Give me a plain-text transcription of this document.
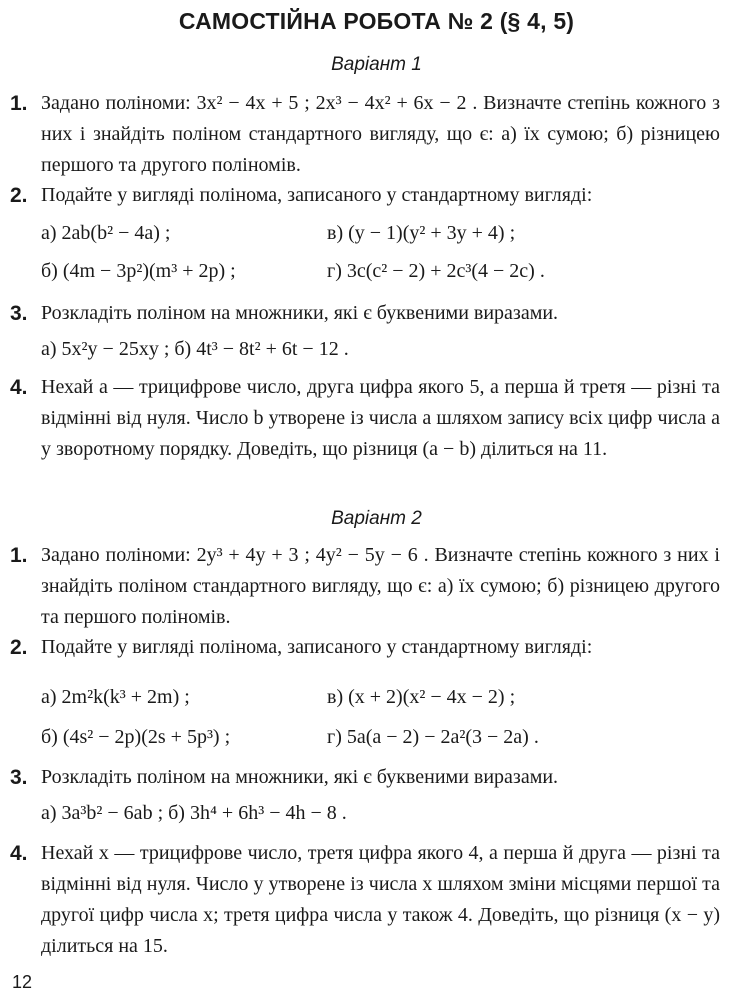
САМОСТІЙНА РОБОТА № 2 (§ 4, 5)
Варіант 1
1. Задано поліноми: 3x² − 4x + 5 ; 2x³ − 4x² + 6x − 2 . Визначте степінь кожного з них і знайдіть поліном стандартного вигляду, що є: а) їх сумою; б) різницею першого та другого поліномів.
2. Подайте у вигляді полінома, записаного у стандартному вигляді:
а) 2ab(b² − 4a) ;	в) (y − 1)(y² + 3y + 4) ;
б) (4m − 3p²)(m³ + 2p) ;	г) 3c(c² − 2) + 2c³(4 − 2c) .
3. Розкладіть поліном на множники, які є буквеними виразами.
а) 5x²y − 25xy ; б) 4t³ − 8t² + 6t − 12 .
4. Нехай a — трицифрове число, друга цифра якого 5, а перша й третя — різні та відмінні від нуля. Число b утворене із числа a шляхом запису всіх цифр числа a у зворотному порядку. Доведіть, що різниця (a − b) ділиться на 11.
Варіант 2
1. Задано поліноми: 2y³ + 4y + 3 ; 4y² − 5y − 6 . Визначте степінь кожного з них і знайдіть поліном стандартного вигляду, що є: а) їх сумою; б) різницею другого та першого поліномів.
2. Подайте у вигляді полінома, записаного у стандартному вигляді:
а) 2m²k(k³ + 2m) ;	в) (x + 2)(x² − 4x − 2) ;
б) (4s² − 2p)(2s + 5p³) ;	г) 5a(a − 2) − 2a²(3 − 2a) .
3. Розкладіть поліном на множники, які є буквеними виразами.
а) 3a³b² − 6ab ; б) 3h⁴ + 6h³ − 4h − 8 .
4. Нехай x — трицифрове число, третя цифра якого 4, а перша й друга — різні та відмінні від нуля. Число y утворене із числа x шляхом зміни місцями першої та другої цифр числа x; третя цифра числа y також 4. Доведіть, що різниця (x − y) ділиться на 15.
12
